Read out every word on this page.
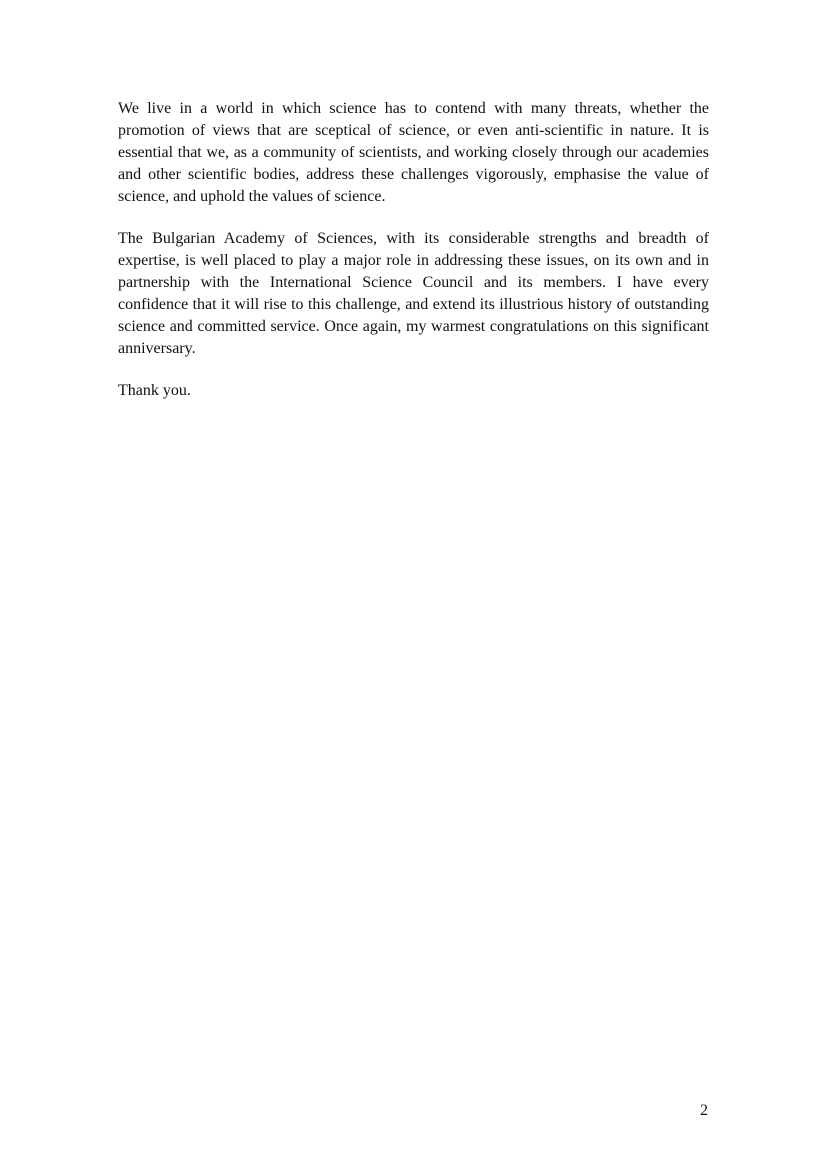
We live in a world in which science has to contend with many threats, whether the promotion of views that are sceptical of science, or even anti-scientific in nature. It is essential that we, as a community of scientists, and working closely through our academies and other scientific bodies, address these challenges vigorously, emphasise the value of science, and uphold the values of science.

The Bulgarian Academy of Sciences, with its considerable strengths and breadth of expertise, is well placed to play a major role in addressing these issues, on its own and in partnership with the International Science Council and its members. I have every confidence that it will rise to this challenge, and extend its illustrious history of outstanding science and committed service. Once again, my warmest congratulations on this significant anniversary.

Thank you.

2
